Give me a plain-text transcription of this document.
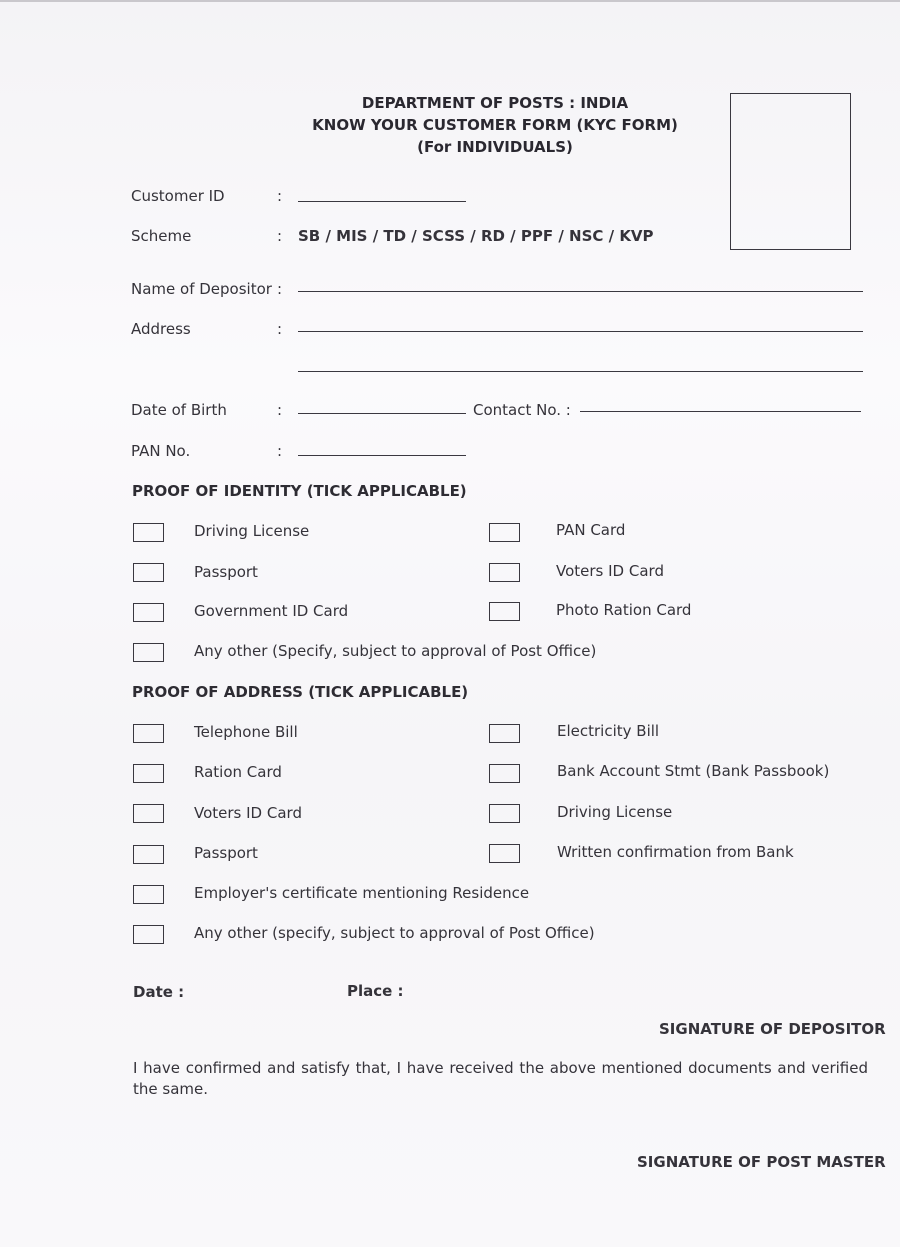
DEPARTMENT OF POSTS : INDIA
KNOW YOUR CUSTOMER FORM (KYC FORM)
(For INDIVIDUALS)
Customer ID	:
Scheme	: SB / MIS / TD / SCSS / RD / PPF / NSC / KVP
Name of Depositor :
Address	:
Date of Birth	:	Contact No. :
PAN No.	:
PROOF OF IDENTITY (TICK APPLICABLE)
Driving License	PAN Card
Passport	Voters ID Card
Government ID Card	Photo Ration Card
Any other (Specify, subject to approval of Post Office)
PROOF OF ADDRESS (TICK APPLICABLE)
Telephone Bill	Electricity Bill
Ration Card	Bank Account Stmt (Bank Passbook)
Voters ID Card	Driving License
Passport	Written confirmation from Bank
Employer's certificate mentioning Residence
Any other (specify, subject to approval of Post Office)
Date :	Place :
SIGNATURE OF DEPOSITOR
I have confirmed and satisfy that, I have received the above mentioned documents and verified the same.
SIGNATURE OF POST MASTER
